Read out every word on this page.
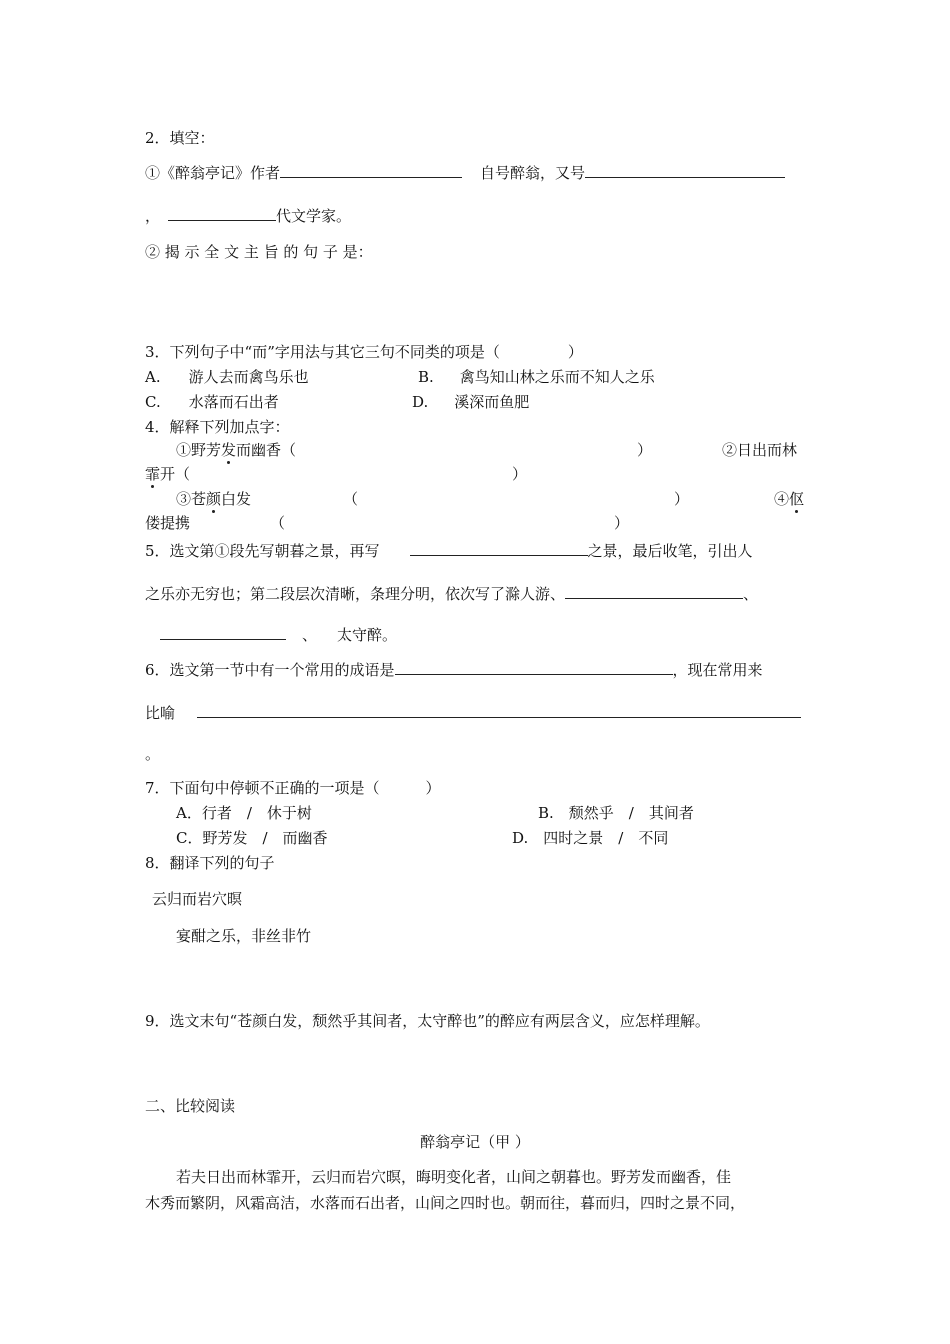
2．填空：
①《醉翁亭记》作者	自号醉翁，又号
，	代文学家。
② 揭 示 全 文 主 旨 的 句 子 是：
3．下列句子中“而”字用法与其它三句不同类的项是（	）
A. 游人去而禽鸟乐也	B. 禽鸟知山林之乐而不知人之乐
C. 水落而石出者	D. 溪深而鱼肥
4．解释下列加点字：
①野芳发而幽香（	）	②日出而林
霏开（	）
③苍颜白发	（	）	④伛
偻提携	（	）
5．选文第①段先写朝暮之景，再写	之景，最后收笔，引出人
之乐亦无穷也；第二段层次清晰，条理分明，依次写了滁人游、	、
、 太守醉。
6．选文第一节中有一个常用的成语是	，现在常用来
比喻
。
7．下面句中停顿不正确的一项是（	）
A．行者　/　休于树	B.　颓然乎　/　其间者
C．野芳发　/　而幽香	D.　四时之景　/　不同
8．翻译下列的句子
云归而岩穴暝
宴酣之乐，非丝非竹
9．选文末句“苍颜白发，颓然乎其间者，太守醉也”的醉应有两层含义，应怎样理解。
二、比较阅读
醉翁亭记（甲 ）
若夫日出而林霏开，云归而岩穴暝，晦明变化者，山间之朝暮也。野芳发而幽香，佳
木秀而繁阴，风霜高洁，水落而石出者，山间之四时也。朝而往，暮而归，四时之景不同，
